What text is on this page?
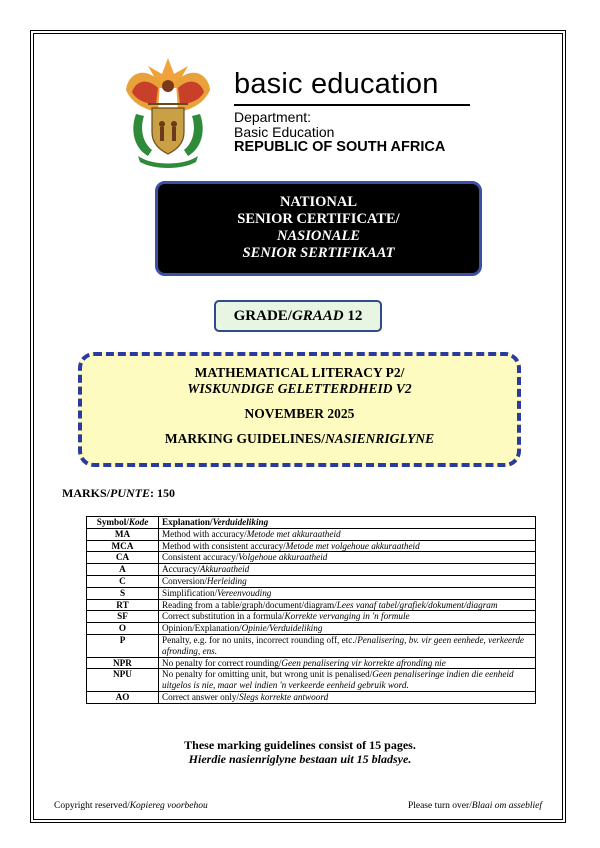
basic education
Department:
Basic Education
REPUBLIC OF SOUTH AFRICA
NATIONAL
SENIOR CERTIFICATE/
NASIONALE
SENIOR SERTIFIKAAT
GRADE/GRAAD 12
MATHEMATICAL LITERACY P2/
WISKUNDIGE GELETTERDHEID V2
NOVEMBER 2025
MARKING GUIDELINES/NASIENRIGLYNE
MARKS/PUNTE: 150
Symbol/Kode	Explanation/Verduideliking
MA	Method with accuracy/Metode met akkuraatheid
MCA	Method with consistent accuracy/Metode met volgehoue akkuraatheid
CA	Consistent accuracy/Volgehoue akkuraatheid
A	Accuracy/Akkuraatheid
C	Conversion/Herleiding
S	Simplification/Vereenvouding
RT	Reading from a table/graph/document/diagram/Lees vanaf tabel/grafiek/dokument/diagram
SF	Correct substitution in a formula/Korrekte vervanging in 'n formule
O	Opinion/Explanation/Opinie/Verduideliking
P	Penalty, e.g. for no units, incorrect rounding off, etc./Penalisering, bv. vir geen eenhede, verkeerde afronding, ens.
NPR	No penalty for correct rounding/Geen penalisering vir korrekte afronding nie
NPU	No penalty for omitting unit, but wrong unit is penalised/Geen penaliseringe indien die eenheid uitgelos is nie, maar wel indien 'n verkeerde eenheid gebruik word.
AO	Correct answer only/Slegs korrekte antwoord
These marking guidelines consist of 15 pages.
Hierdie nasienriglyne bestaan uit 15 bladsye.
Copyright reserved/Kopiereg voorbehou	Please turn over/Blaai om asseblief
